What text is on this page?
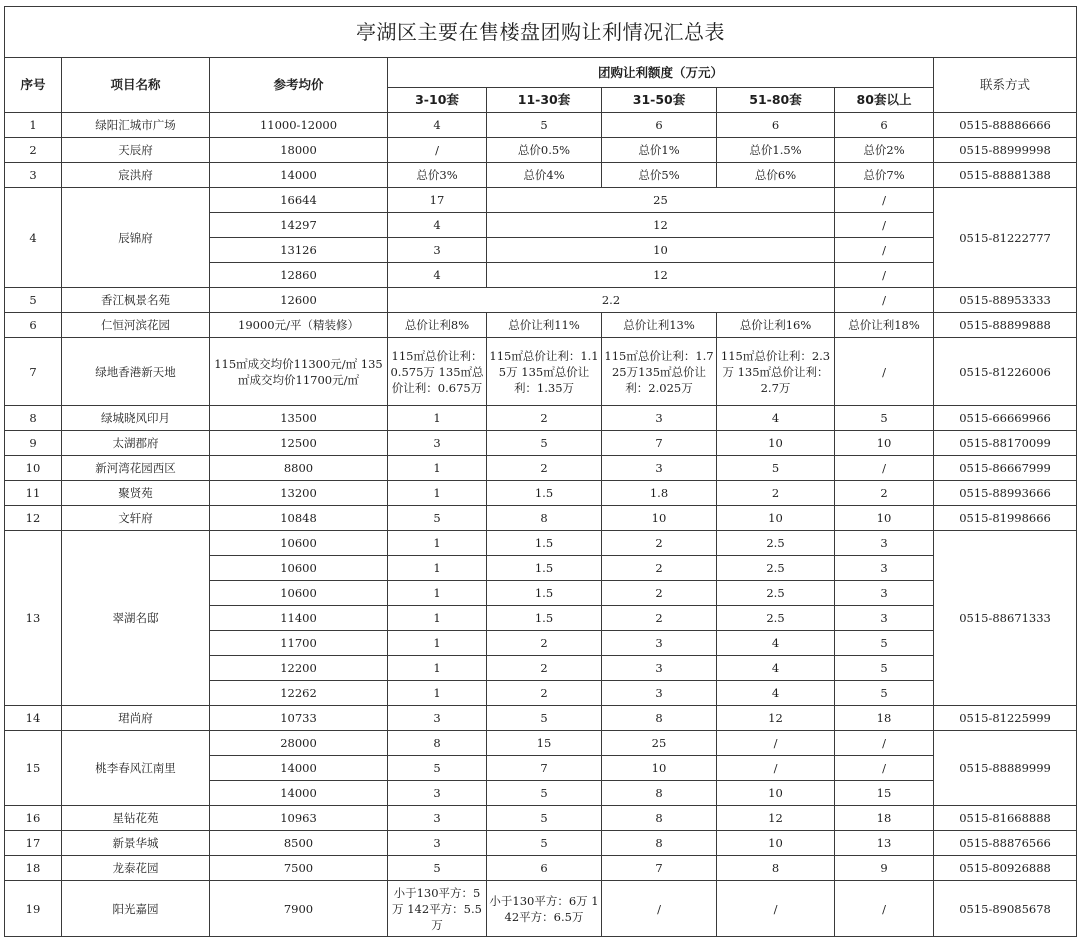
亭湖区主要在售楼盘团购让利情况汇总表								
序号	项目名称	参考均价	团购让利额度（万元）					联系方式
			3-10套	11-30套	31-50套	51-80套	80套以上	
1	绿阳汇城市广场	11000-12000	4	5	6	6	6	0515-88886666
2	天辰府	18000	/	总价0.5%	总价1%	总价1.5%	总价2%	0515-88999998
3	宸洪府	14000	总价3%	总价4%	总价5%	总价6%	总价7%	0515-88881388
4	辰锦府	16644	17	25			/	0515-81222777
		14297	4	12			/	
		13126	3	10			/	
		12860	4	12			/	
5	香江枫景名苑	12600	2.2				/	0515-88953333
6	仁恒河滨花园	19000元/平（精装修）	总价让利8%	总价让利11%	总价让利13%	总价让利16%	总价让利18%	0515-88899888
7	绿地香港新天地	115㎡成交均价11300元/㎡ 135㎡成交均价11700元/㎡	115㎡总价让利：0.575万 135㎡总价让利：0.675万	115㎡总价让利：1.15万 135㎡总价让利：1.35万	115㎡总价让利：1.725万135㎡总价让利：2.025万	115㎡总价让利：2.3万 135㎡总价让利：2.7万	/	0515-81226006
8	绿城晓风印月	13500	1	2	3	4	5	0515-66669966
9	太湖郡府	12500	3	5	7	10	10	0515-88170099
10	新河湾花园西区	8800	1	2	3	5	/	0515-86667999
11	聚贤苑	13200	1	1.5	1.8	2	2	0515-88993666
12	文轩府	10848	5	8	10	10	10	0515-81998666
13	翠湖名邸	10600	1	1.5	2	2.5	3	0515-88671333
		10600	1	1.5	2	2.5	3	
		10600	1	1.5	2	2.5	3	
		11400	1	1.5	2	2.5	3	
		11700	1	2	3	4	5	
		12200	1	2	3	4	5	
		12262	1	2	3	4	5	
14	珺尚府	10733	3	5	8	12	18	0515-81225999
15	桃李春风江南里	28000	8	15	25	/	/	0515-88889999
		14000	5	7	10	/	/	
		14000	3	5	8	10	15	
16	星钻花苑	10963	3	5	8	12	18	0515-81668888
17	新景华城	8500	3	5	8	10	13	0515-88876566
18	龙泰花园	7500	5	6	7	8	9	0515-80926888
19	阳光嘉园	7900	小于130平方：5万 142平方：5.5万	小于130平方：6万 142平方：6.5万	/	/	/	0515-89085678
